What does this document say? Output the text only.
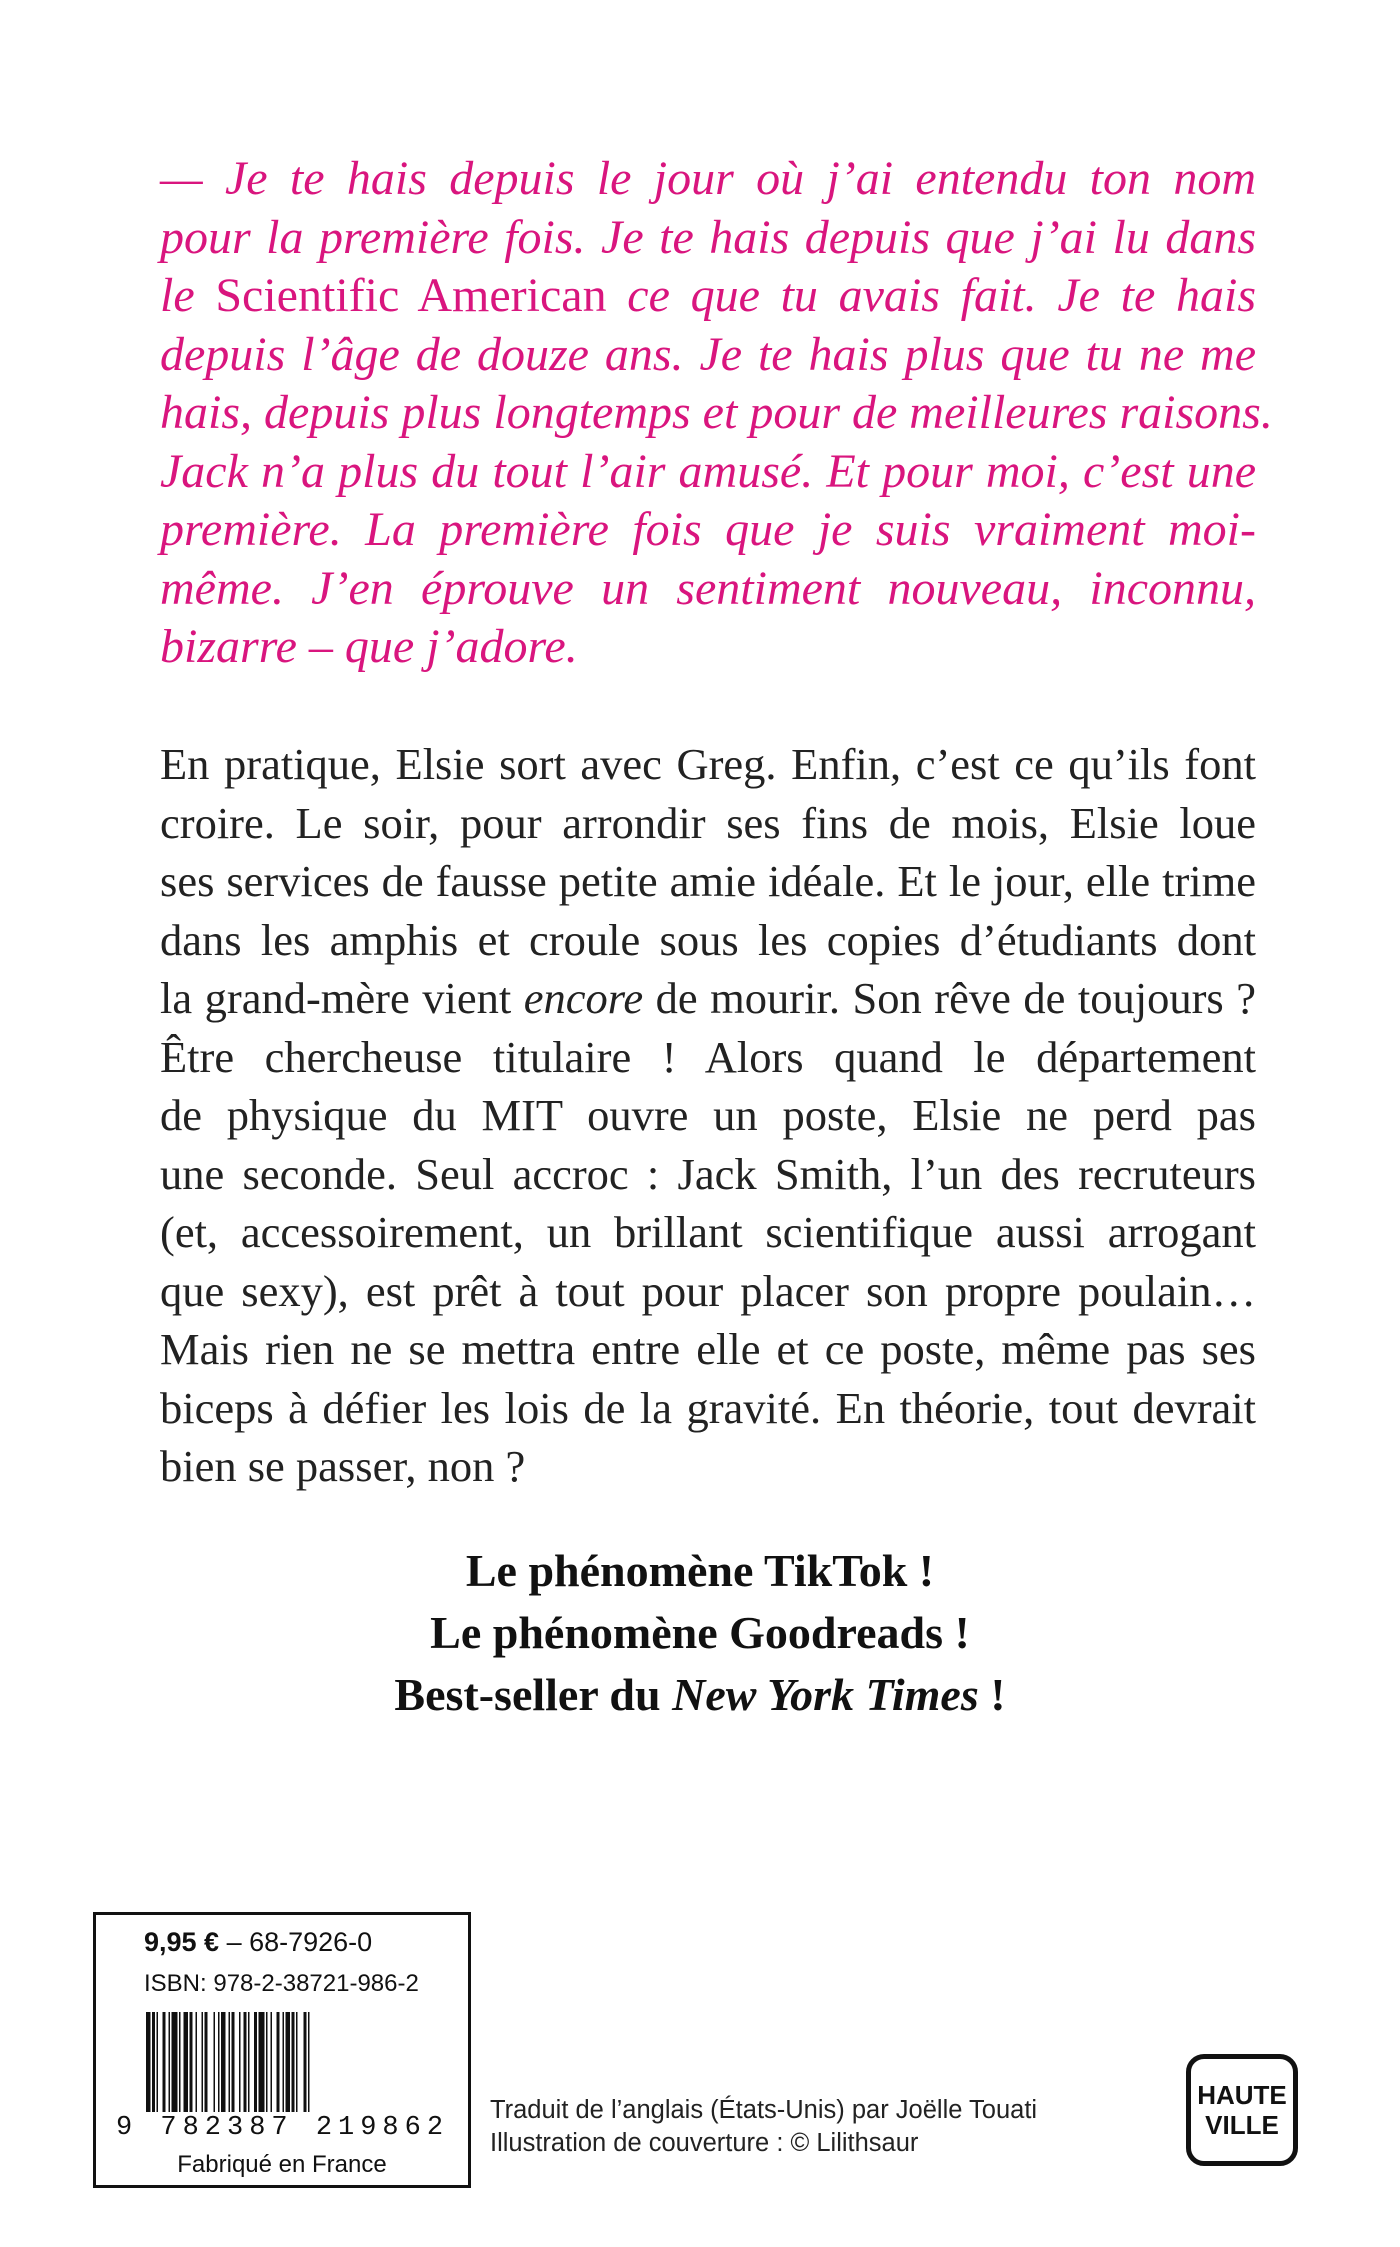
— Je te hais depuis le jour où j’ai entendu ton nom
pour la première fois. Je te hais depuis que j’ai lu dans
le Scientific American ce que tu avais fait. Je te hais
depuis l’âge de douze ans. Je te hais plus que tu ne me
hais, depuis plus longtemps et pour de meilleures raisons.
Jack n’a plus du tout l’air amusé. Et pour moi, c’est une
première. La première fois que je suis vraiment moi-
même. J’en éprouve un sentiment nouveau, inconnu,
bizarre – que j’adore.
En pratique, Elsie sort avec Greg. Enfin, c’est ce qu’ils font
croire. Le soir, pour arrondir ses fins de mois, Elsie loue
ses services de fausse petite amie idéale. Et le jour, elle trime
dans les amphis et croule sous les copies d’étudiants dont
la grand-mère vient encore de mourir. Son rêve de toujours ?
Être chercheuse titulaire ! Alors quand le département
de physique du MIT ouvre un poste, Elsie ne perd pas
une seconde. Seul accroc : Jack Smith, l’un des recruteurs
(et, accessoirement, un brillant scientifique aussi arrogant
que sexy), est prêt à tout pour placer son propre poulain…
Mais rien ne se mettra entre elle et ce poste, même pas ses
biceps à défier les lois de la gravité. En théorie, tout devrait
bien se passer, non ?
Le phénomène TikTok !
Le phénomène Goodreads !
Best-seller du New York Times !
9,95 € – 68-7926-0
ISBN: 978-2-38721-986-2
9 782387 219862
Fabriqué en France
Traduit de l’anglais (États-Unis) par Joëlle Touati
Illustration de couverture : © Lilithsaur
HAUTE
VILLE
